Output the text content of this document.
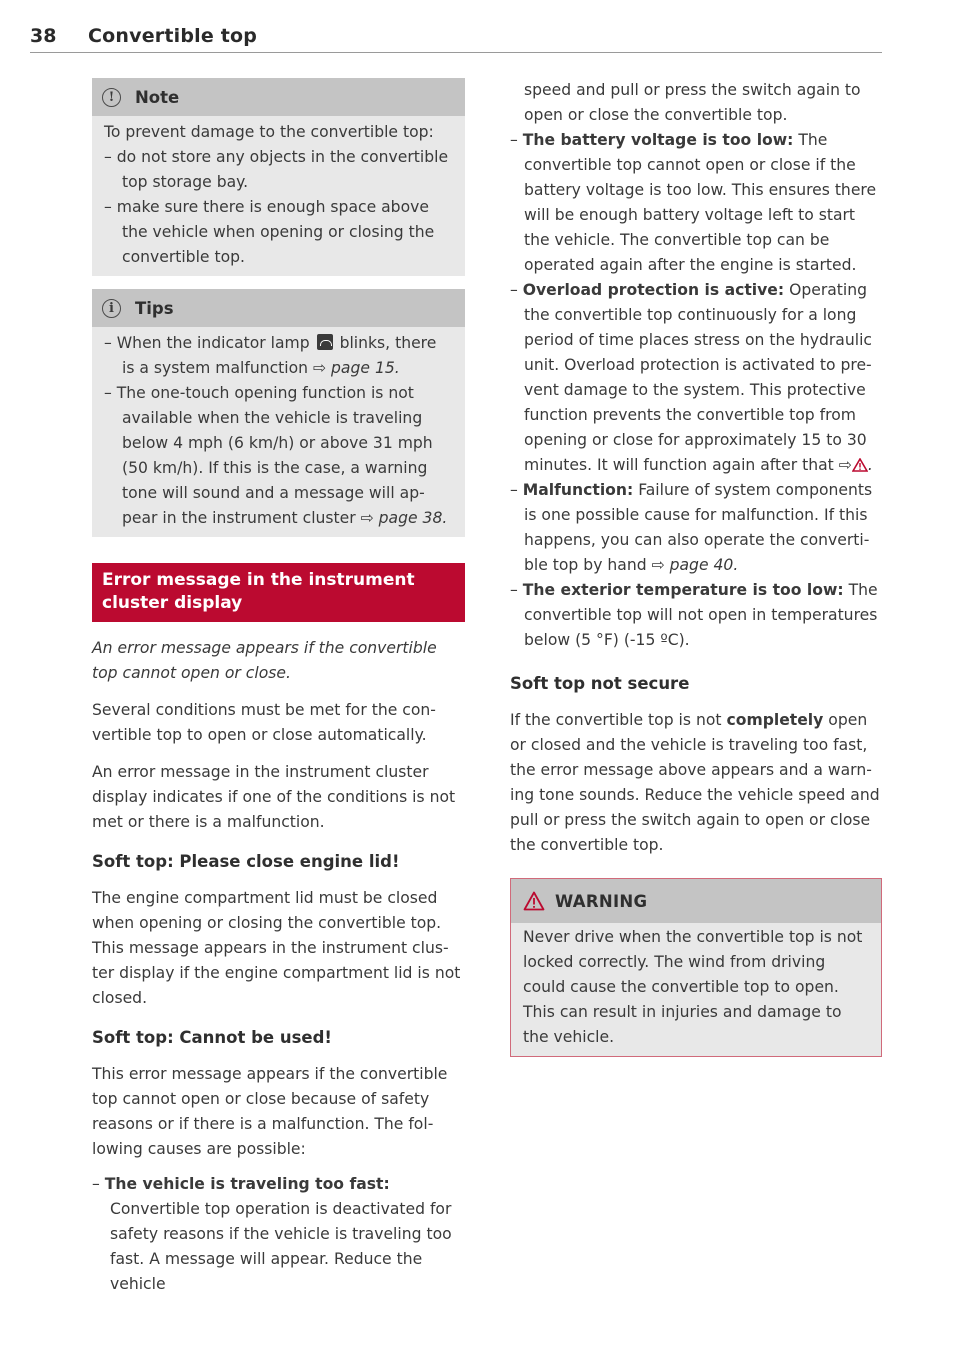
38 Convertible top
!	Note

To prevent damage to the convertible top:

– do not store any objects in the convertible top storage bay.
– make sure there is enough space above the vehicle when opening or closing the convertible top.
i	Tips
– When the indicator lamp blinks, there is a system malfunction ⇨ page 15.
– The one-touch opening function is not available when the vehicle is traveling below 4 mph (6 km/h) or above 31 mph (50 km/h). If this is the case, a warning tone will sound and a message will appear in the instrument cluster ⇨ page 38.
Error message in the instrument cluster display

An error message appears if the convertible top cannot open or close.

Several conditions must be met for the convertible top to open or close automatically.

An error message in the instrument cluster display indicates if one of the conditions is not met or there is a malfunction.

Soft top: Please close engine lid!

The engine compartment lid must be closed when opening or closing the convertible top. This message appears in the instrument cluster display if the engine compartment lid is not closed.

Soft top: Cannot be used!

This error message appears if the convertible top cannot open or close because of safety reasons or if there is a malfunction. The following causes are possible:

– The vehicle is traveling too fast: Convertible top operation is deactivated for safety reasons if the vehicle is traveling too fast. A message will appear. Reduce the vehicle
speed and pull or press the switch again to open or close the convertible top.
– The battery voltage is too low: The convertible top cannot open or close if the battery voltage is too low. This ensures there will be enough battery voltage left to start the vehicle. The convertible top can be operated again after the engine is started.
– Overload protection is active: Operating the convertible top continuously for a long period of time places stress on the hydraulic unit. Overload protection is activated to prevent damage to the system. This protective function prevents the convertible top from opening or close for approximately 15 to 30 minutes. It will function again after that ⇨ .
– Malfunction: Failure of system components is one possible cause for malfunction. If this happens, you can also operate the convertible top by hand ⇨ page 40.
– The exterior temperature is too low: The convertible top will not open in temperatures below (5 °F) (-15 ºC).

Soft top not secure

If the convertible top is not completely open or closed and the vehicle is traveling too fast, the error message above appears and a warning tone sounds. Reduce the vehicle speed and pull or press the switch again to open or close the convertible top.

WARNING

Never drive when the convertible top is not locked correctly. The wind from driving could cause the convertible top to open. This can result in injuries and damage to the vehicle.
